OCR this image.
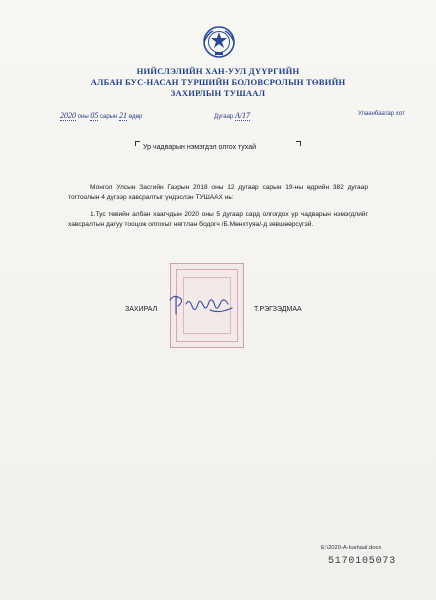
НИЙСЛЭЛИЙН ХАН-УУЛ ДҮҮРГИЙН
АЛБАН БУС-НАСАН ТУРШИЙН БОЛОВСРОЛЫН ТӨВИЙН
ЗАХИРЛЫН ТУШААЛ
2020 оны 05 сарын 21 өдөр	Дугаар А/17	Улаанбаатар хот
Ур чадварын нэмэгдэл олгох тухай
Монгол Улсын Засгийн Газрын 2018 оны 12 дугаар сарын 19-ны өдрийн 382 дугаар тогтоолын 4 дүгээр хавсралтыг үндэслэн ТУШААХ нь:
1.Тус төвийн албан хаагчдын 2020 оны 5 дугаар сард олгогдох ур чадварын нэмэгдлийг хавсралтын дагуу тооцож олгохыг нягтлан бодогч /Б.Мөнхтуяа/-д зөвшөөрсүгэй.
ЗАХИРАЛ	Т.РЭГЗЭДМАА
E:\2020-A-tushaal.docx
5170105073
